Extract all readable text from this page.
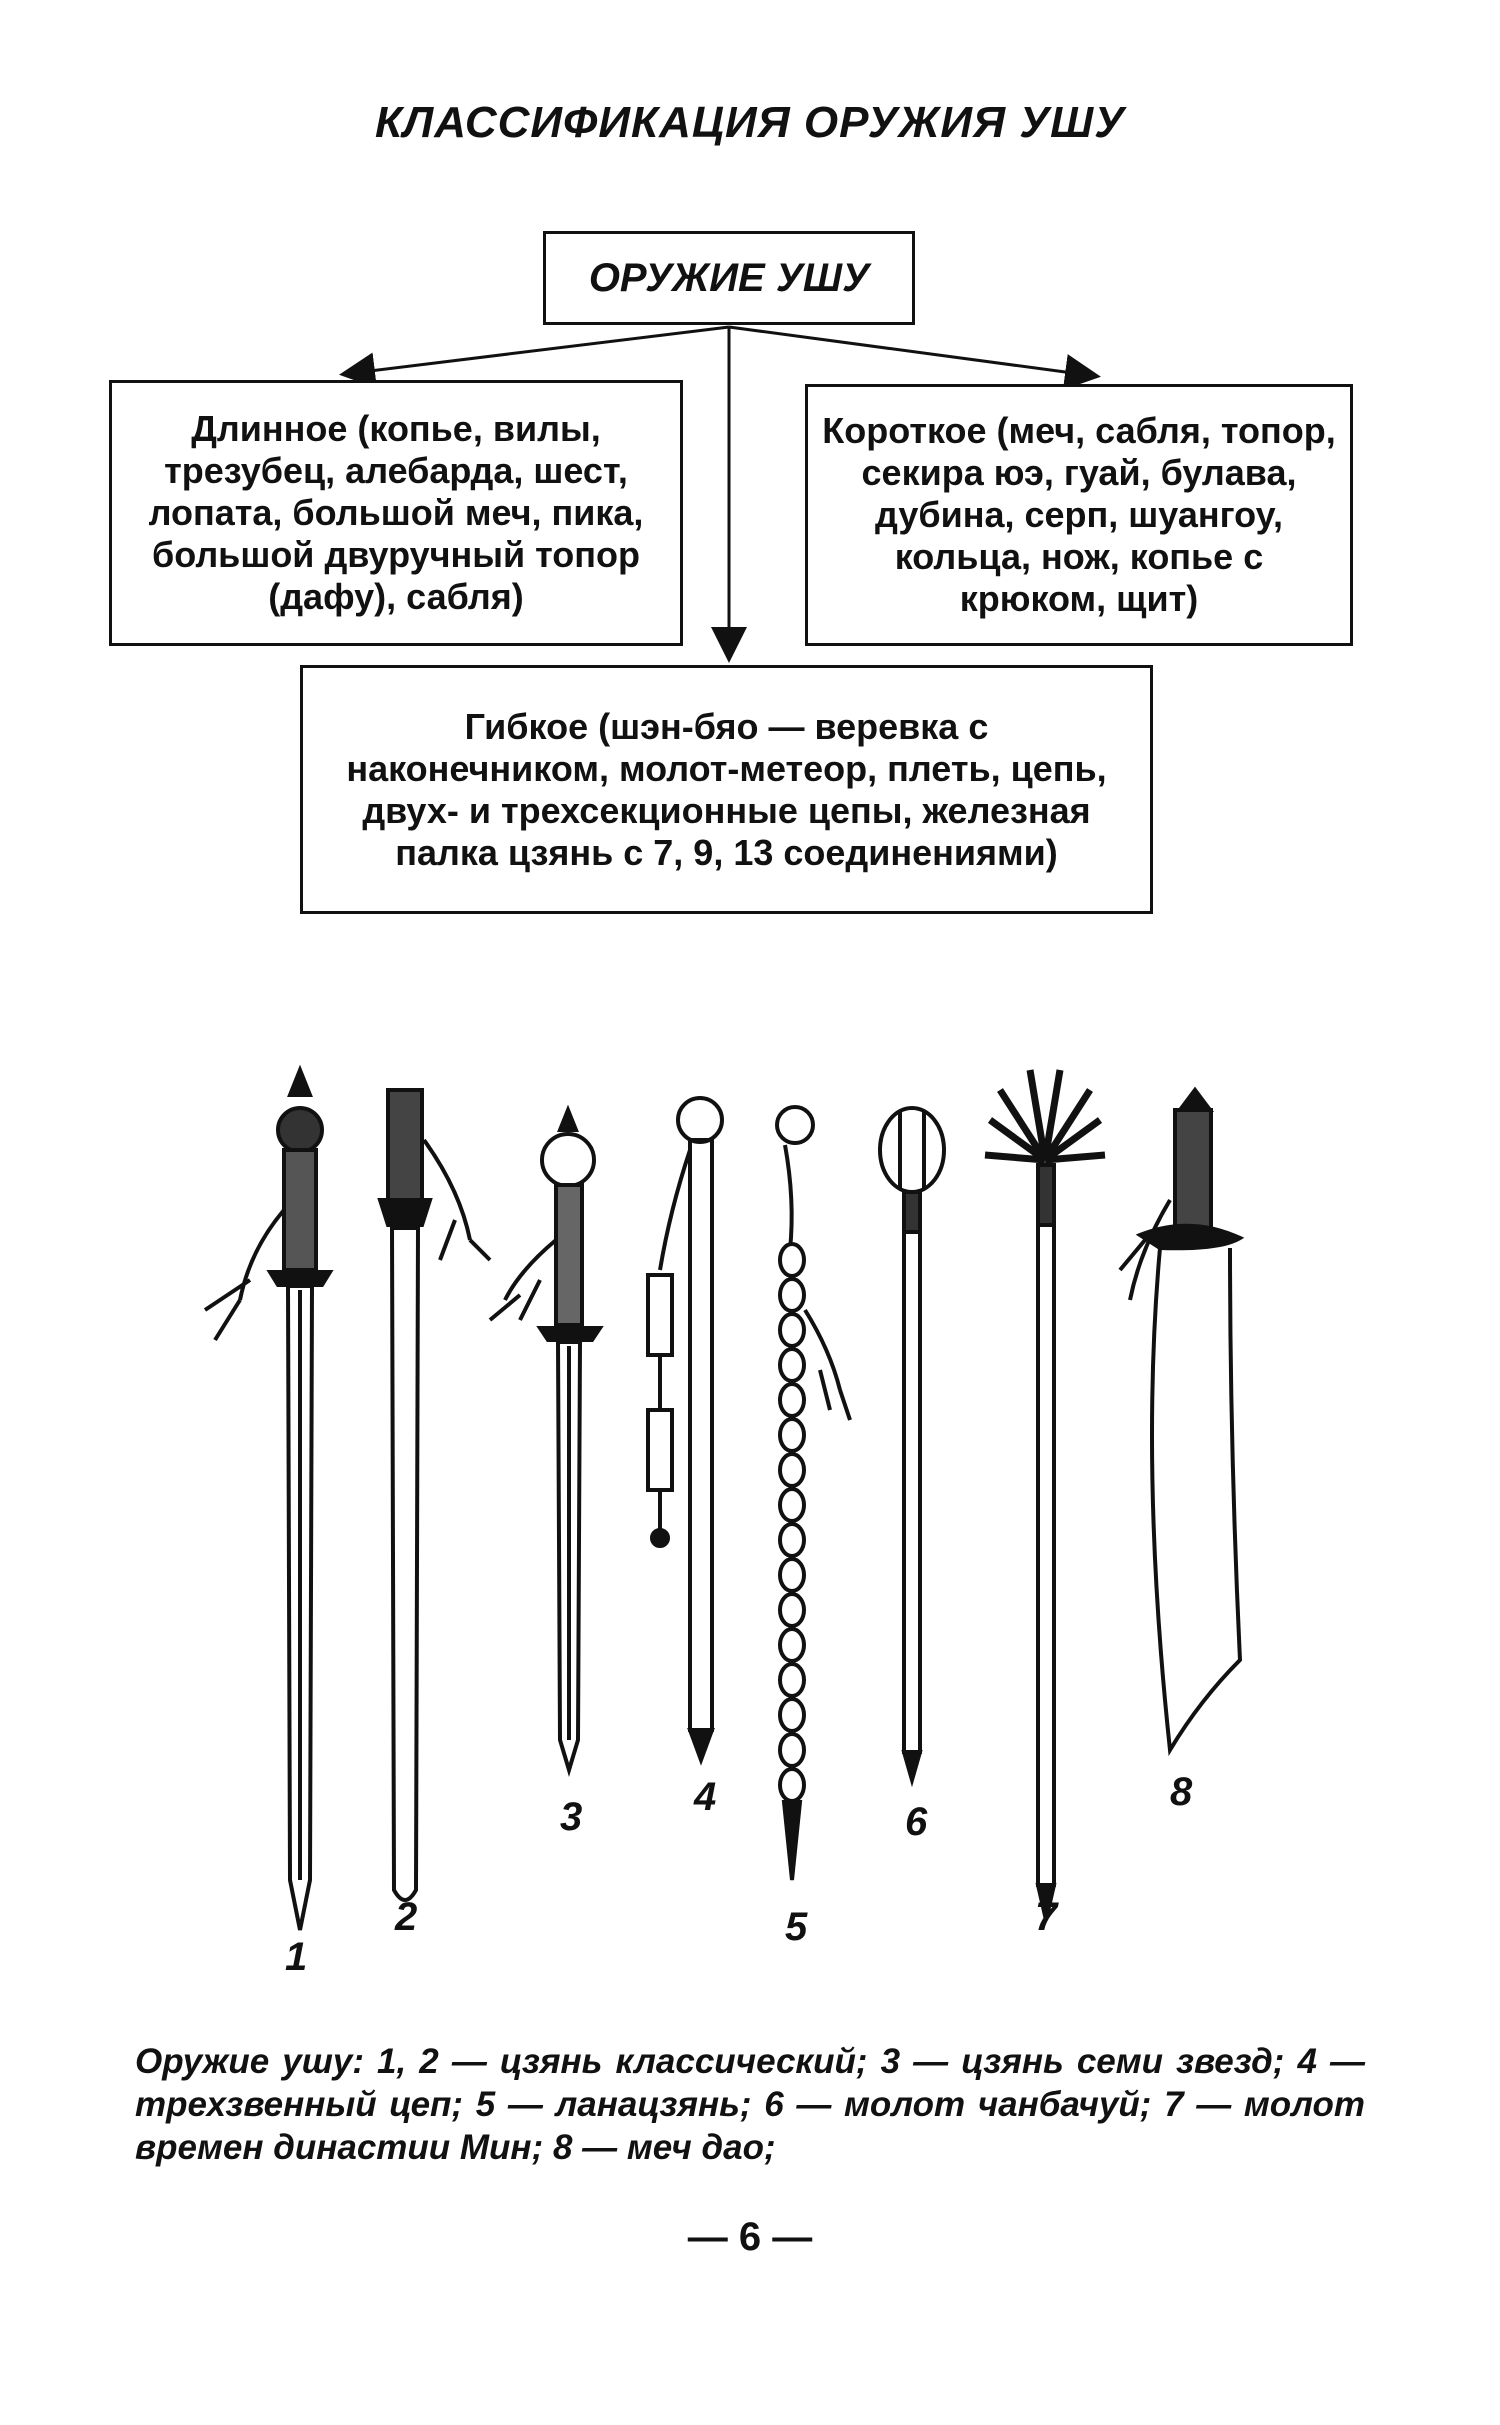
КЛАССИФИКАЦИЯ ОРУЖИЯ УШУ
ОРУЖИЕ УШУ
Длинное (копье, вилы, трезубец, алебарда, шест, лопата, большой меч, пика, большой двуручный топор (дафу), сабля)
Короткое (меч, сабля, топор, секира юэ, гуай, булава, дубина, серп, шуангоу, кольца, нож, копье с крюком, щит)
Гибкое (шэн-бяо — веревка с наконечником, молот-метеор, плеть, цепь, двух- и трехсекционные цепы, железная палка цзянь с 7, 9, 13 соединениями)
1
2
3	4
5
6
7
8
Оружие ушу: 1, 2 — цзянь классический; 3 — цзянь семи звезд; 4 — трехзвенный цеп; 5 — ланацзянь; 6 — молот чанбачуй; 7 — молот времен династии Мин; 8 — меч дао;
— 6 —
